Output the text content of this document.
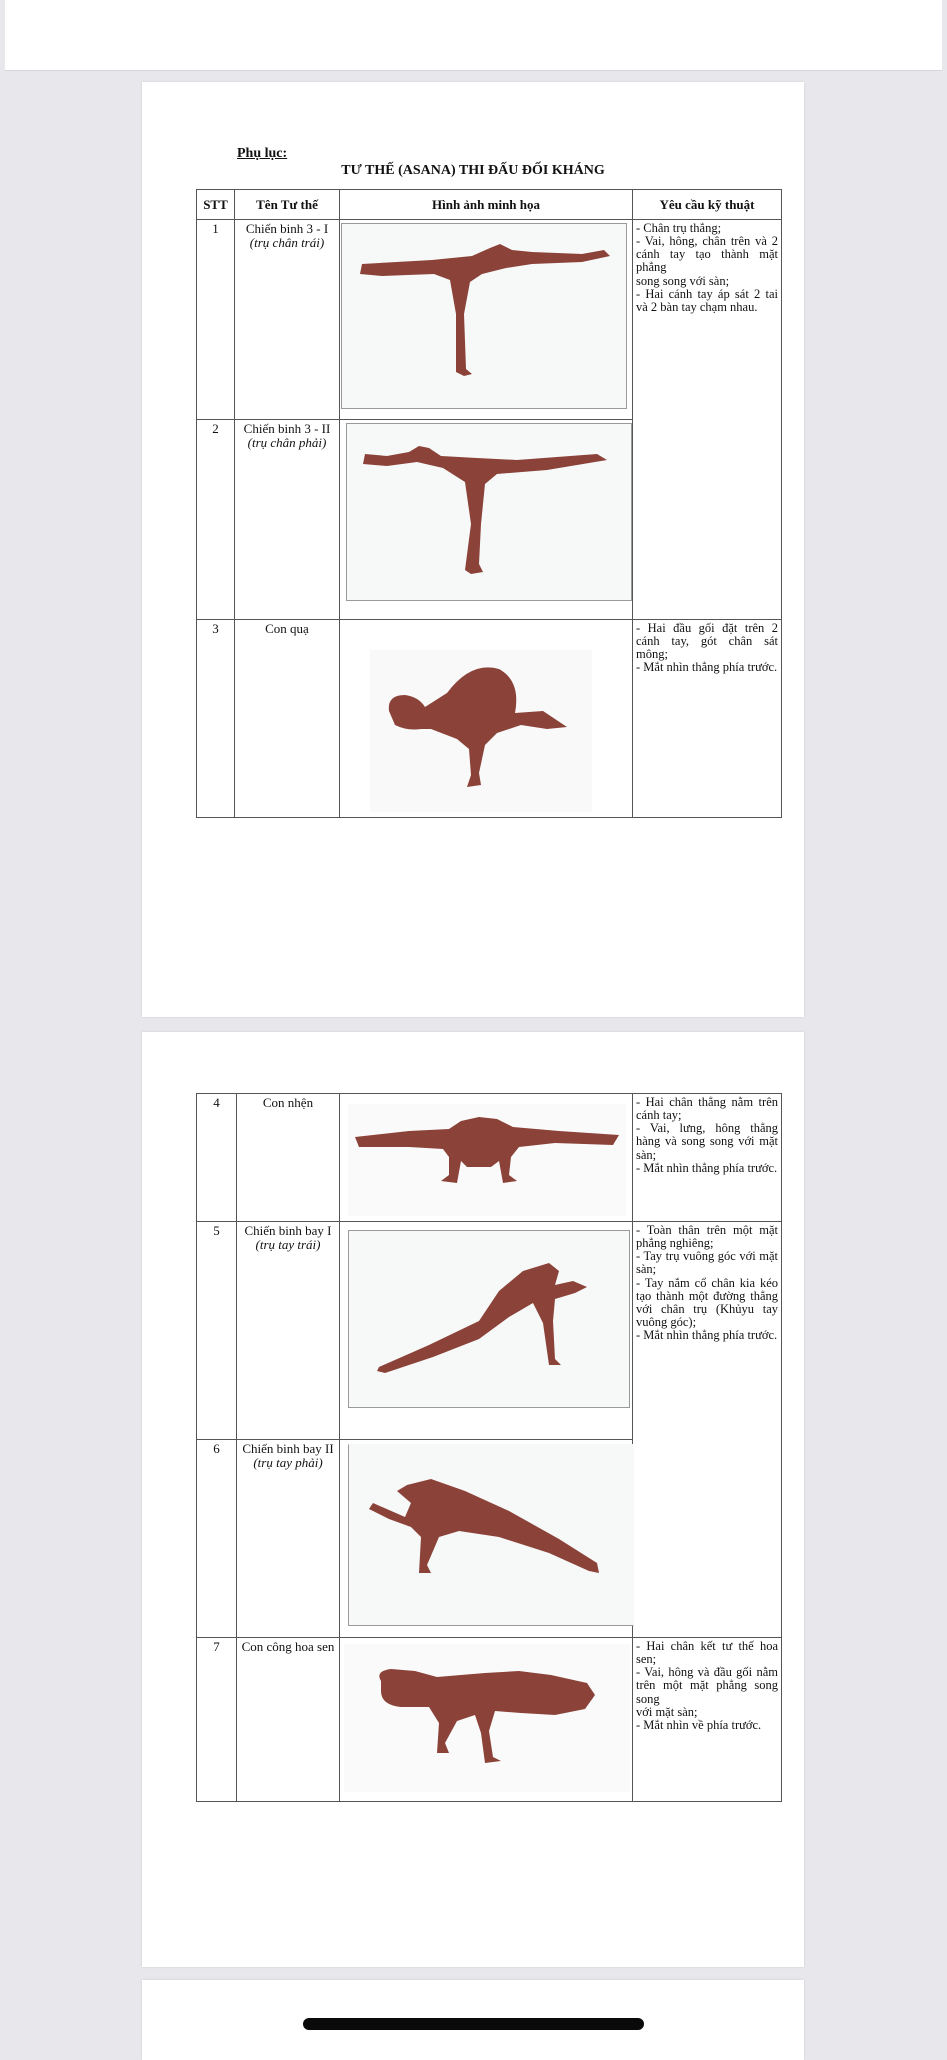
Phụ lục:
TƯ THẾ (ASANA) THI ĐẤU ĐỐI KHÁNG
STT	Tên Tư thế	Hình ảnh minh họa	Yêu cầu kỹ thuật
1	Chiến binh 3 - I
(trụ chân trái)		- Chân trụ thẳng;
- Vai, hông, chân trên và 2 cánh tay tạo thành mặt phẳng
song song với sàn;
- Hai cánh tay áp sát 2 tai và 2 bàn tay chạm nhau.
2	Chiến binh 3 - II
(trụ chân phải)	

3	Con quạ		- Hai đầu gối đặt trên 2 cánh tay, gót chân sát mông;
- Mắt nhìn thẳng phía trước.
4	Con nhện		- Hai chân thẳng nằm trên cánh tay;
- Vai, lưng, hông thẳng hàng và song song với mặt sàn;
- Mắt nhìn thẳng phía trước.
5	Chiến binh bay I
(trụ tay trái)		- Toàn thân trên một mặt phẳng nghiêng;
- Tay trụ vuông góc với mặt sàn;
- Tay nắm cổ chân kia kéo tạo thành một đường thẳng với chân trụ (Khủyu tay vuông góc);
- Mắt nhìn thẳng phía trước.
6	Chiến binh bay II (trụ tay phải)	

7	Con công hoa sen		- Hai chân kết tư thế hoa sen;
- Vai, hông và đầu gối nằm trên một mặt phẳng song song
với mặt sàn;
- Mắt nhìn về phía trước.
